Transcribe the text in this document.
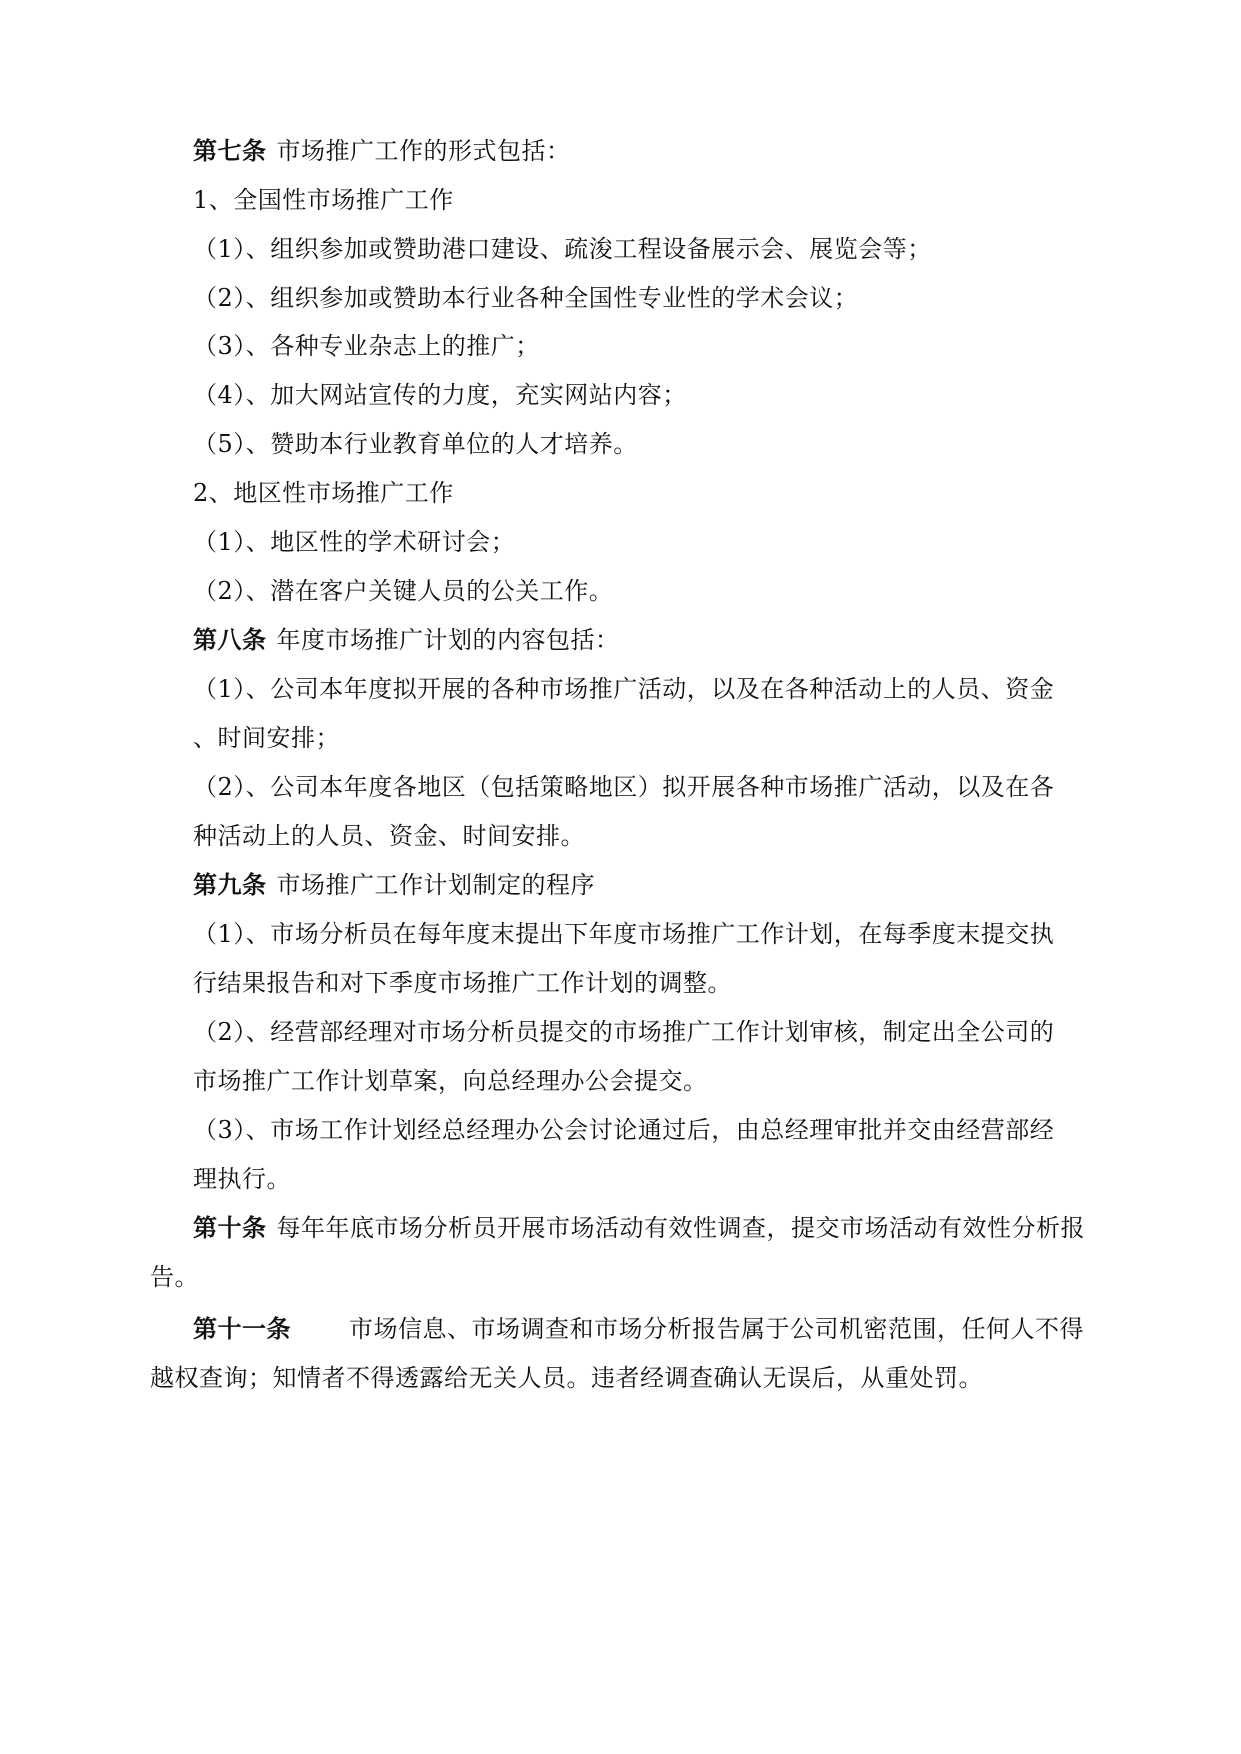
第七条 市场推广工作的形式包括：
1、全国性市场推广工作
（1）、组织参加或赞助港口建设、疏浚工程设备展示会、展览会等；
（2）、组织参加或赞助本行业各种全国性专业性的学术会议；
（3）、各种专业杂志上的推广；
（4）、加大网站宣传的力度，充实网站内容；
（5）、赞助本行业教育单位的人才培养。
2、地区性市场推广工作
（1）、地区性的学术研讨会；
（2）、潜在客户关键人员的公关工作。
第八条 年度市场推广计划的内容包括：
（1）、公司本年度拟开展的各种市场推广活动，以及在各种活动上的人员、资金
、时间安排；
（2）、公司本年度各地区（包括策略地区）拟开展各种市场推广活动，以及在各
种活动上的人员、资金、时间安排。
第九条 市场推广工作计划制定的程序
（1）、市场分析员在每年度末提出下年度市场推广工作计划，在每季度末提交执
行结果报告和对下季度市场推广工作计划的调整。
（2）、经营部经理对市场分析员提交的市场推广工作计划审核，制定出全公司的
市场推广工作计划草案，向总经理办公会提交。
（3）、市场工作计划经总经理办公会讨论通过后，由总经理审批并交由经营部经
理执行。
第十条 每年年底市场分析员开展市场活动有效性调查，提交市场活动有效性分析报
告。
第十一条 市场信息、市场调查和市场分析报告属于公司机密范围，任何人不得
越权查询；知情者不得透露给无关人员。违者经调查确认无误后，从重处罚。
